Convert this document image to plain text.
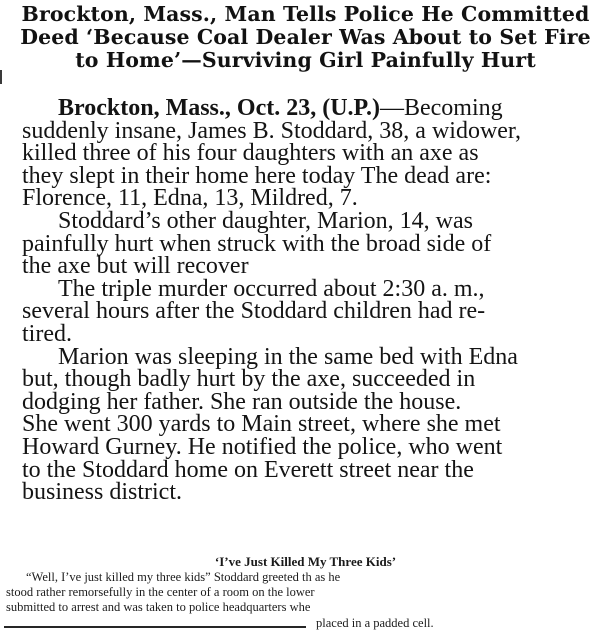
Brockton, Mass., Man Tells Police He Committed
Deed ‘Because Coal Dealer Was About to Set Fire
to Home’—Surviving Girl Painfully Hurt
Brockton, Mass., Oct. 23, (U.P.)—Becoming
suddenly insane, James B. Stoddard, 38, a widower,
killed three of his four daughters with an axe as
they slept in their home here today The dead are:
Florence, 11, Edna, 13, Mildred, 7.
Stoddard’s other daughter, Marion, 14, was
painfully hurt when struck with the broad side of
the axe but will recover
The triple murder occurred about 2:30 a. m.,
several hours after the Stoddard children had re-
tired.
Marion was sleeping in the same bed with Edna
but, though badly hurt by the axe, succeeded in
dodging her father. She ran outside the house.
She went 300 yards to Main street, where she met
Howard Gurney. He notified the police, who went
to the Stoddard home on Everett street near the
business district.
‘I’ve Just Killed My Three Kids’
“Well, I’ve just killed my three kids” Stoddard greeted th as he
stood rather remorsefully in the center of a room on the lower
submitted to arrest and was taken to police headquarters whe
placed in a padded cell.
